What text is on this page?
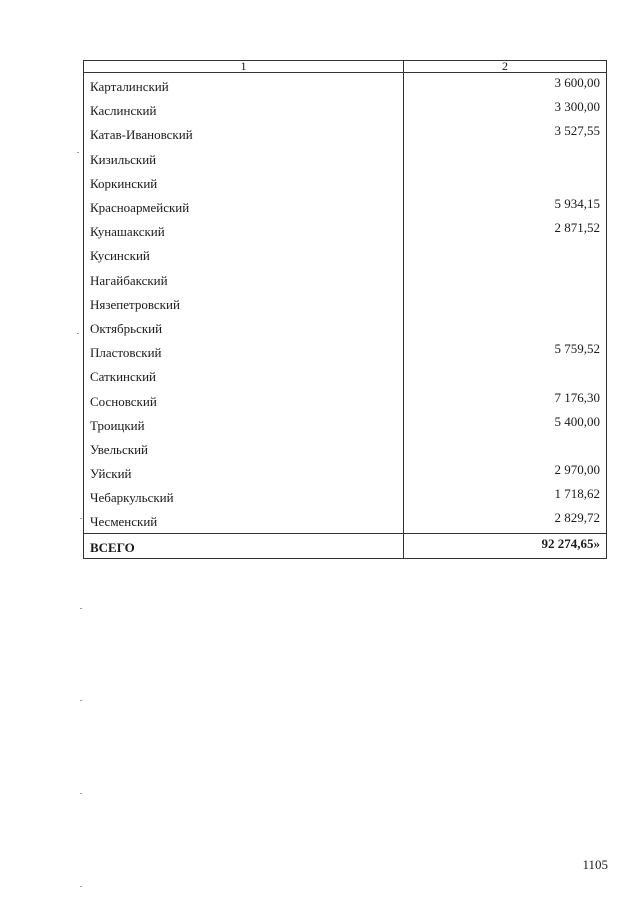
1	2
Карталинский	3 600,00
Каслинский	3 300,00
Катав-Ивановский	3 527,55
Кизильский	
Коркинский	
Красноармейский	5 934,15
Кунашакский	2 871,52
Кусинский	
Нагайбакский	
Нязепетровский	
Октябрьский	
Пластовский	5 759,52
Саткинский	
Сосновский	7 176,30
Троицкий	5 400,00
Увельский	
Уйский	2 970,00
Чебаркульский	1 718,62
Чесменский	2 829,72
ВСЕГО	92 274,65»
1105
